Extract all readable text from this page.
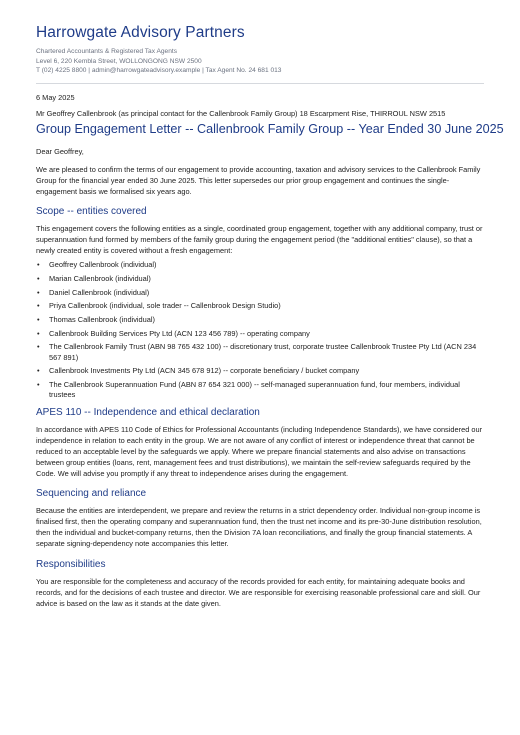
Harrowgate Advisory Partners
Chartered Accountants & Registered Tax Agents
Level 6, 220 Kembla Street, WOLLONGONG NSW 2500
T (02) 4225 8800 | admin@harrowgateadvisory.example | Tax Agent No. 24 681 013
6 May 2025
Mr Geoffrey Callenbrook (as principal contact for the Callenbrook Family Group) 18 Escarpment Rise, THIRROUL NSW 2515
Group Engagement Letter -- Callenbrook Family Group -- Year Ended 30 June 2025
Dear Geoffrey,

We are pleased to confirm the terms of our engagement to provide accounting, taxation and advisory services to the Callenbrook Family Group for the financial year ended 30 June 2025. This letter supersedes our prior group engagement and continues the single-engagement basis we formalised six years ago.

Scope -- entities covered

This engagement covers the following entities as a single, coordinated group engagement, together with any additional company, trust or superannuation fund formed by members of the family group during the engagement period (the "additional entities" clause), so that a newly created entity is covered without a fresh engagement:

• Geoffrey Callenbrook (individual)
• Marian Callenbrook (individual)
• Daniel Callenbrook (individual)
• Priya Callenbrook (individual, sole trader -- Callenbrook Design Studio)
• Thomas Callenbrook (individual)
• Callenbrook Building Services Pty Ltd (ACN 123 456 789) -- operating company
• The Callenbrook Family Trust (ABN 98 765 432 100) -- discretionary trust, corporate trustee Callenbrook Trustee Pty Ltd (ACN 234 567 891)
• Callenbrook Investments Pty Ltd (ACN 345 678 912) -- corporate beneficiary / bucket company
• The Callenbrook Superannuation Fund (ABN 87 654 321 000) -- self-managed superannuation fund, four members, individual trustees
APES 110 -- Independence and ethical declaration

In accordance with APES 110 Code of Ethics for Professional Accountants (including Independence Standards), we have considered our independence in relation to each entity in the group. We are not aware of any conflict of interest or independence threat that cannot be reduced to an acceptable level by the safeguards we apply. Where we prepare financial statements and also advise on transactions between group entities (loans, rent, management fees and trust distributions), we maintain the self-review safeguards required by the Code. We will advise you promptly if any threat to independence arises during the engagement.

Sequencing and reliance

Because the entities are interdependent, we prepare and review the returns in a strict dependency order. Individual non-group income is finalised first, then the operating company and superannuation fund, then the trust net income and its pre-30-June distribution resolution, then the individual and bucket-company returns, then the Division 7A loan reconciliations, and finally the group financial statements. A separate signing-dependency note accompanies this letter.

Responsibilities

You are responsible for the completeness and accuracy of the records provided for each entity, for maintaining adequate books and records, and for the decisions of each trustee and director. We are responsible for exercising reasonable professional care and skill. Our advice is based on the law as it stands at the date given.
